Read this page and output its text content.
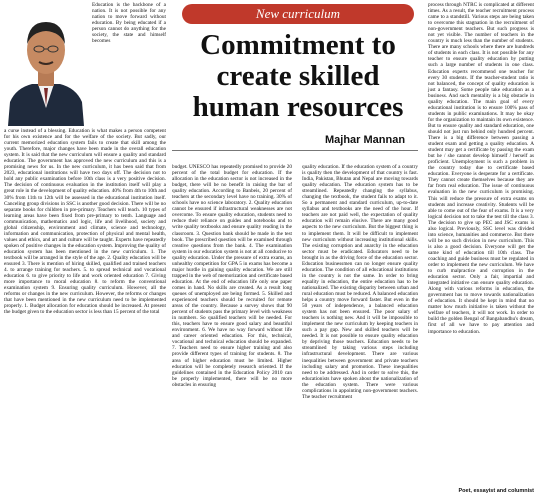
Education is the backbone of a nation. It is not possible for any nation to move forward without education. By being educated if a person cannot do anything for the society, the state and himself becomes

New curriculum
Commitment to create skilled human resources
Majhar Mannan

a curse instead of a blessing. Education is what makes a person competent for his own existence and for the welfare of the society. But sadly, our current memorized education system fails to create that skill among the youth. Therefore, major changes have been made in the overall education system. It is said that the new curriculum will ensure a quality and standard education. The government has approved the new curriculum and this is a promising news for us. In the new curriculum, it has been said that from 2023, educational institutions will have two days off. The decision not to hold any public examination before 10th class is a very positive decision. The decision of continuous evaluation in the institution itself will play a great role in the development of quality education. 40% from 4th to 10th and 30% from 11th to 12th will be assessed in the educational institution itself. Canceling group divisions in SSC is another good decision. There will be no separate books for children in pre-primary. Teachers will teach. 10 types of learning areas have been fixed from pre-primary to tenth. Language and communication, mathematics and logic, life and livelihood, society and global citizenship, environment and climate, science and technology, information and communication, protection of physical and mental health, values and ethics, and art and culture will be taught. Experts have repeatedly spoken of positive changes in the education system. Improving the quality of education system has been mentioned in the new curriculum. 1. The textbook will be arranged in the style of the age. 2. Quality education will be ensured 3. There is mention of hiring skilled, qualified and trained teachers 4. to arrange training for teachers. 5. to spread technical and vocational education 6. to give priority to life and work oriented education 7. Giving more importance to moral education 8. to reform the conventional examination system 9. Ensuring quality curriculum. However, all the reforms or changes in the new curriculum. However, the reforms or changes that have been mentioned in the new curriculum need to be implemented properly. 1. Budget allocation for education should be increased. At present the budget given to the education sector is less than 15 percent of the total

budget. UNESCO has repeatedly promised to provide 20 percent of the total budget for education. If the allocation in the education sector is not increased in the budget, there will be no benefit in raising the bar of quality education. According to Banbeis, 20 percent of teachers at the secondary level have no training. 30% of schools have no science laboratory. 2. Quality education cannot be ensured if infrastructural weaknesses are not overcome. To ensure quality education, students need to reduce their reliance on guides and notebooks and to write quality textbooks and ensure quality reading in the classroom. 3. Question bank should be made in the test book. The prescribed question will be examined through creative questions from the bank. 4. The examination system in our education system is not at all conducive to quality education. Under the pressure of extra exams, an unhealthy competition for GPA 5 in exams has become a major hurdle in gaining quality education. We are still trapped in the web of memorization and certificate based education. At the end of education life only one paper comes in hand. No skills are created. As a result long queues of unemployed are being formed. 5. Skilled and experienced teachers should be recruited for remote areas of the country. Because a survey shows that 90 percent of students pass the primary level with weakness in numbers. So qualified teachers will be needed. For this, teachers have to ensure good salary and beautiful environment. 6. We have no way forward without life and career oriented education. For this, technical, vocational and technical education should be expanded. 7. Teachers need to ensure higher training and also provide different types of training for students. 8. The area of higher education must be limited. Higher education will be completely research oriented. If the guidelines contained in the Education Policy 2010 can be properly implemented, there will be no more obstacles in ensuring

quality education. If the education system of a country is quality then the development of that country is fast. India, Pakistan, Bhutan and Nepal are moving towards quality education. The education system has to be streamlined. Repeatedly changing the syllabus, changing the textbook, the student fails to adapt to it. So a permanent and standard curriculum, up-to-date syllabus and textbooks are the need of the hour. If teachers are not paid well, the expectation of quality education will remain elusive. There are many good aspects to the new curriculum. But the biggest thing is to implement them. It will be difficult to implement new curriculum without increasing institutional skills. The existing corruption and anarchy in the education sector must be eradicated. Educators need to be brought in as the driving force of the education sector. Education businessmen can no longer ensure quality education. The condition of all educational institutions in the country is not the same. In order to bring equality in education, the entire education has to be nationalized. The existing disparity between urban and rural education must be reduced. A balanced education helps a country move forward faster. But even in the 50 years of independence, a balanced education system has not been ensured. The poor salary of teachers is nothing new. And it will be impossible to implement the new curriculum by keeping teachers in such a pay gap. New and skilled teachers will be needed. It is not possible to ensure quality education by depriving those teachers. Education needs to be streamlined by taking various steps including infrastructural development. There are various inequalities between government and private teachers including salary and promotion. These inequalities need to be addressed. And in order to solve this, the educationists have spoken about the nationalization of the education system. There were various complications in appointing non-government teachers. The teacher recruitment

process through NTRC is complicated at different times. As a result, the teacher recruitment process came to a standstill. Various steps are being taken to overcome this stagnation in the recruitment of non-government teachers. But such progress is not yet visible. The number of teachers in the country is much less than the number of students. There are many schools where there are hundreds of students in each class. It is not possible for any teacher to ensure quality education by putting such a large number of students in one class. Education experts recommend one teacher for every 30 students. If the teacher-student ratio is not balanced, the concept of quality education is just a fantasy. Some people take education as a business. And such mentality is a big obstacle in quality education. The main goal of every educational institution is to ensure 100% pass of students in public examinations. It may be okay for the organization to maintain its own existence. But to ensure quality and standard education, one should not just run behind only hundred percent. There is a big difference between passing a student exam and getting a quality education. A student may get a certificate by passing the exam but he / she cannot develop himself / herself as proficient. Unemployment is such a problem in the country today due to certificate based education. Everyone is desperate for a certificate. They cannot create themselves because they are far from real education. The issue of continuous evaluation in the new curriculum is promising. This will reduce the pressure of extra exams on students and increase creativity. Students will be able to come out of the fear of exams. It is a very logical decision not to take the test till the class 3. The decision to give up PEC and JSC exams is also logical. Previously, SSC level was divided into science, humanities and commerce. But there will be no such division in new curriculum. This is also a good decision. Everyone will get the same kind of education till 10th class. The coaching and guide business must be regulated in order to implement the new curriculum. We have to curb malpractice and corruption in the education sector. Only a fair, impartial and integrated initiative can ensure quality education. Along with various reforms in education, the government has to move towards nationalization of education. It should be kept in mind that no matter how much initiative is taken without the welfare of teachers, it will not work. In order to build the golden Bengal of Bangabandhu's dream, first of all we have to pay attention and importance to education.

Poet, essayist and columnist
